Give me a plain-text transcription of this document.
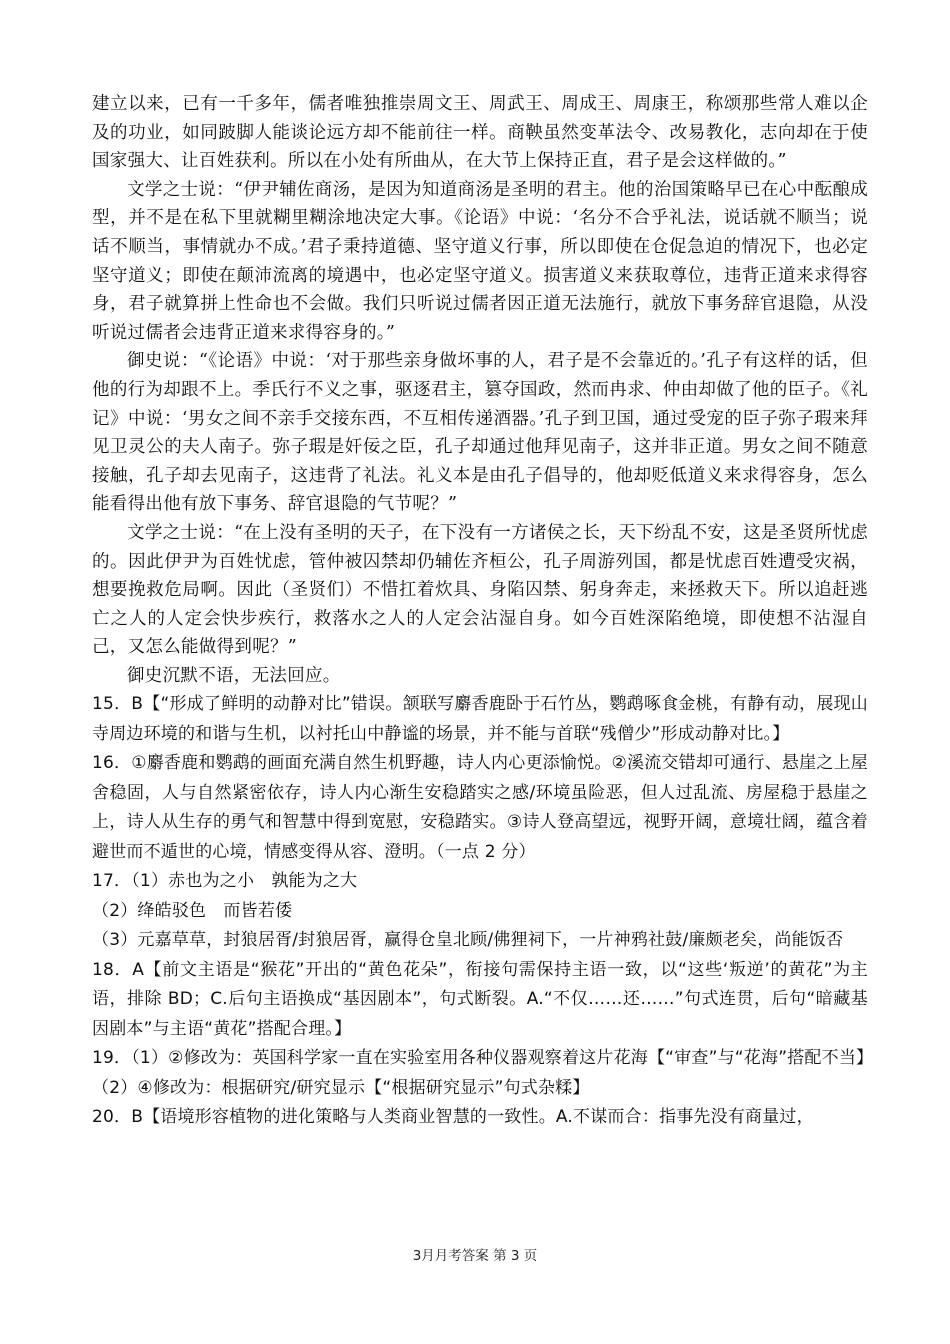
建立以来，已有一千多年，儒者唯独推崇周文王、周武王、周成王、周康王，称颂那些常人难以企及的功业，如同跛脚人能谈论远方却不能前往一样。商鞅虽然变革法令、改易教化，志向却在于使国家强大、让百姓获利。所以在小处有所曲从，在大节上保持正直，君子是会这样做的。”

文学之士说：“伊尹辅佐商汤，是因为知道商汤是圣明的君主。他的治国策略早已在心中酝酿成型，并不是在私下里就糊里糊涂地决定大事。《论语》中说：‘名分不合乎礼法，说话就不顺当；说话不顺当，事情就办不成。’君子秉持道德、坚守道义行事，所以即使在仓促急迫的情况下，也必定坚守道义；即使在颠沛流离的境遇中，也必定坚守道义。损害道义来获取尊位，违背正道来求得容身，君子就算拼上性命也不会做。我们只听说过儒者因正道无法施行，就放下事务辞官退隐，从没听说过儒者会违背正道来求得容身的。”

御史说：“《论语》中说：‘对于那些亲身做坏事的人，君子是不会靠近的。’孔子有这样的话，但他的行为却跟不上。季氏行不义之事，驱逐君主，篡夺国政，然而冉求、仲由却做了他的臣子。《礼记》中说：‘男女之间不亲手交接东西，不互相传递酒器。’孔子到卫国，通过受宠的臣子弥子瑕来拜见卫灵公的夫人南子。弥子瑕是奸佞之臣，孔子却通过他拜见南子，这并非正道。男女之间不随意接触，孔子却去见南子，这违背了礼法。礼义本是由孔子倡导的，他却贬低道义来求得容身，怎么能看得出他有放下事务、辞官退隐的气节呢？”

文学之士说：“在上没有圣明的天子，在下没有一方诸侯之长，天下纷乱不安，这是圣贤所忧虑的。因此伊尹为百姓忧虑，管仲被囚禁却仍辅佐齐桓公，孔子周游列国，都是忧虑百姓遭受灾祸，想要挽救危局啊。因此（圣贤们）不惜扛着炊具、身陷囚禁、躬身奔走，来拯救天下。所以追赶逃亡之人的人定会快步疾行，救落水之人的人定会沾湿自身。如今百姓深陷绝境，即使想不沾湿自己，又怎么能做得到呢？”

御史沉默不语，无法回应。

15．B【“形成了鲜明的动静对比”错误。颔联写麝香鹿卧于石竹丛，鹦鹉啄食金桃，有静有动，展现山寺周边环境的和谐与生机，以衬托山中静谧的场景，并不能与首联“残僧少”形成动静对比。】

16．①麝香鹿和鹦鹉的画面充满自然生机野趣，诗人内心更添愉悦。②溪流交错却可通行、悬崖之上屋舍稳固，人与自然紧密依存，诗人内心渐生安稳踏实之感/环境虽险恶，但人过乱流、房屋稳于悬崖之上，诗人从生存的勇气和智慧中得到宽慰，安稳踏实。③诗人登高望远，视野开阔，意境壮阔，蕴含着避世而不遁世的心境，情感变得从容、澄明。（一点 2 分）

17．（1）赤也为之小　孰能为之大

（2）绛皓驳色　而皆若倭

（3）元嘉草草，封狼居胥/封狼居胥，赢得仓皇北顾/佛狸祠下，一片神鸦社鼓/廉颇老矣，尚能饭否

18．A【前文主语是“猴花”开出的“黄色花朵”，衔接句需保持主语一致，以“这些‘叛逆’的黄花”为主语，排除 BD；C.后句主语换成“基因剧本”，句式断裂。A.“不仅……还……”句式连贯，后句“暗藏基因剧本”与主语“黄花”搭配合理。】

19．（1）②修改为：英国科学家一直在实验室用各种仪器观察着这片花海【“审查”与“花海”搭配不当】

（2）④修改为：根据研究/研究显示【“根据研究显示”句式杂糅】

20．B【语境形容植物的进化策略与人类商业智慧的一致性。A.不谋而合：指事先没有商量过，

3月月考答案 第 3 页
